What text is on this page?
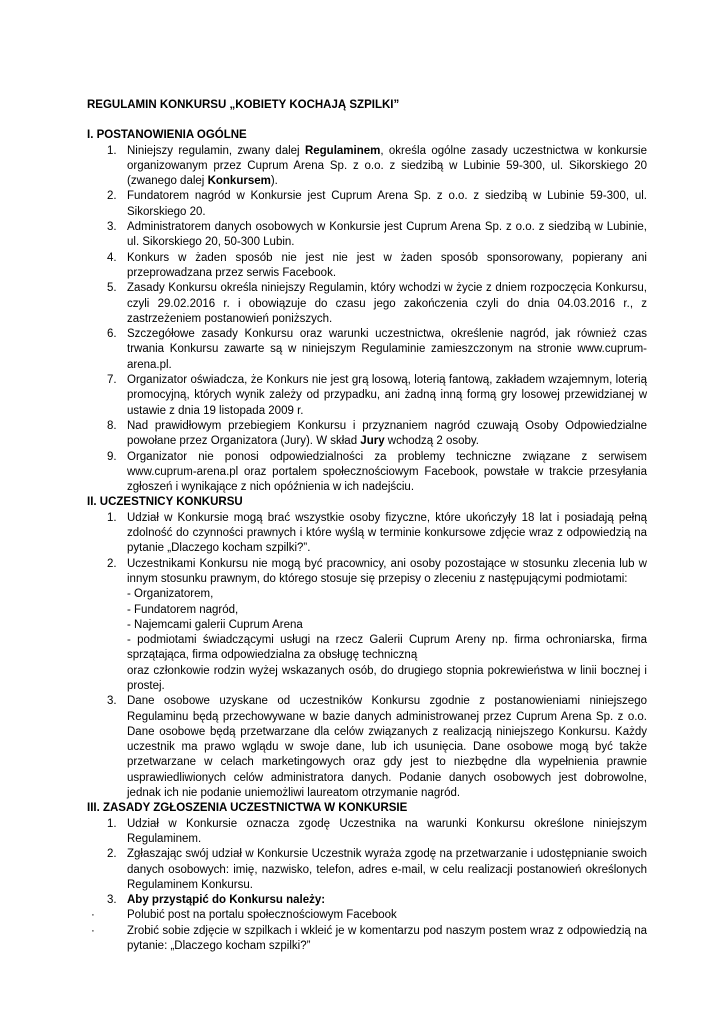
REGULAMIN KONKURSU „KOBIETY KOCHAJĄ SZPILKI”
I. POSTANOWIENIA OGÓLNE
1. Niniejszy regulamin, zwany dalej Regulaminem, określa ogólne zasady uczestnictwa w konkursie organizowanym przez Cuprum Arena Sp. z o.o. z siedzibą w Lubinie 59-300, ul. Sikorskiego 20 (zwanego dalej Konkursem).
2. Fundatorem nagród w Konkursie jest Cuprum Arena Sp. z o.o. z siedzibą w Lubinie 59-300, ul. Sikorskiego 20.
3. Administratorem danych osobowych w Konkursie jest Cuprum Arena Sp. z o.o. z siedzibą w Lubinie, ul. Sikorskiego 20, 50-300 Lubin.
4. Konkurs w żaden sposób nie jest nie jest w żaden sposób sponsorowany, popierany ani przeprowadzana przez serwis Facebook.
5. Zasady Konkursu określa niniejszy Regulamin, który wchodzi w życie z dniem rozpoczęcia Konkursu, czyli 29.02.2016 r. i obowiązuje do czasu jego zakończenia czyli do dnia 04.03.2016 r., z zastrzeżeniem postanowień poniższych.
6. Szczegółowe zasady Konkursu oraz warunki uczestnictwa, określenie nagród, jak również czas trwania Konkursu zawarte są w niniejszym Regulaminie zamieszczonym na stronie www.cuprum-arena.pl.
7. Organizator oświadcza, że Konkurs nie jest grą losową, loterią fantową, zakładem wzajemnym, loterią promocyjną, których wynik zależy od przypadku, ani żadną inną formą gry losowej przewidzianej w ustawie z dnia 19 listopada 2009 r.
8. Nad prawidłowym przebiegiem Konkursu i przyznaniem nagród czuwają Osoby Odpowiedzialne powołane przez Organizatora (Jury). W skład Jury wchodzą 2 osoby.
9. Organizator nie ponosi odpowiedzialności za problemy techniczne związane z serwisem www.cuprum-arena.pl oraz portalem społecznościowym Facebook, powstałe w trakcie przesyłania zgłoszeń i wynikające z nich opóźnienia w ich nadejściu.
II. UCZESTNICY KONKURSU
1. Udział w Konkursie mogą brać wszystkie osoby fizyczne, które ukończyły 18 lat i posiadają pełną zdolność do czynności prawnych i które wyślą w terminie konkursowe zdjęcie wraz z odpowiedzią na pytanie „Dlaczego kocham szpilki?”.
2. Uczestnikami Konkursu nie mogą być pracownicy, ani osoby pozostające w stosunku zlecenia lub w innym stosunku prawnym, do którego stosuje się przepisy o zleceniu z następującymi podmiotami:
- Organizatorem,
- Fundatorem nagród,
- Najemcami galerii Cuprum Arena
- podmiotami świadczącymi usługi na rzecz Galerii Cuprum Areny np. firma ochroniarska, firma sprzątająca, firma odpowiedzialna za obsługę techniczną
oraz członkowie rodzin wyżej wskazanych osób, do drugiego stopnia pokrewieństwa w linii bocznej i prostej.
3. Dane osobowe uzyskane od uczestników Konkursu zgodnie z postanowieniami niniejszego Regulaminu będą przechowywane w bazie danych administrowanej przez Cuprum Arena Sp. z o.o. Dane osobowe będą przetwarzane dla celów związanych z realizacją niniejszego Konkursu. Każdy uczestnik ma prawo wglądu w swoje dane, lub ich usunięcia. Dane osobowe mogą być także przetwarzane w celach marketingowych oraz gdy jest to niezbędne dla wypełnienia prawnie usprawiedliwionych celów administratora danych. Podanie danych osobowych jest dobrowolne, jednak ich nie podanie uniemożliwi laureatom otrzymanie nagród.
III. ZASADY ZGŁOSZENIA UCZESTNICTWA W KONKURSIE
1. Udział w Konkursie oznacza zgodę Uczestnika na warunki Konkursu określone niniejszym Regulaminem.
2. Zgłaszając swój udział w Konkursie Uczestnik wyraża zgodę na przetwarzanie i udostępnianie swoich danych osobowych: imię, nazwisko, telefon, adres e-mail, w celu realizacji postanowień określonych Regulaminem Konkursu.
3. Aby przystąpić do Konkursu należy:
·	Polubić post na portalu społecznościowym Facebook
·	Zrobić sobie zdjęcie w szpilkach i wkleić je w komentarzu pod naszym postem wraz z odpowiedzią na pytanie: „Dlaczego kocham szpilki?”
